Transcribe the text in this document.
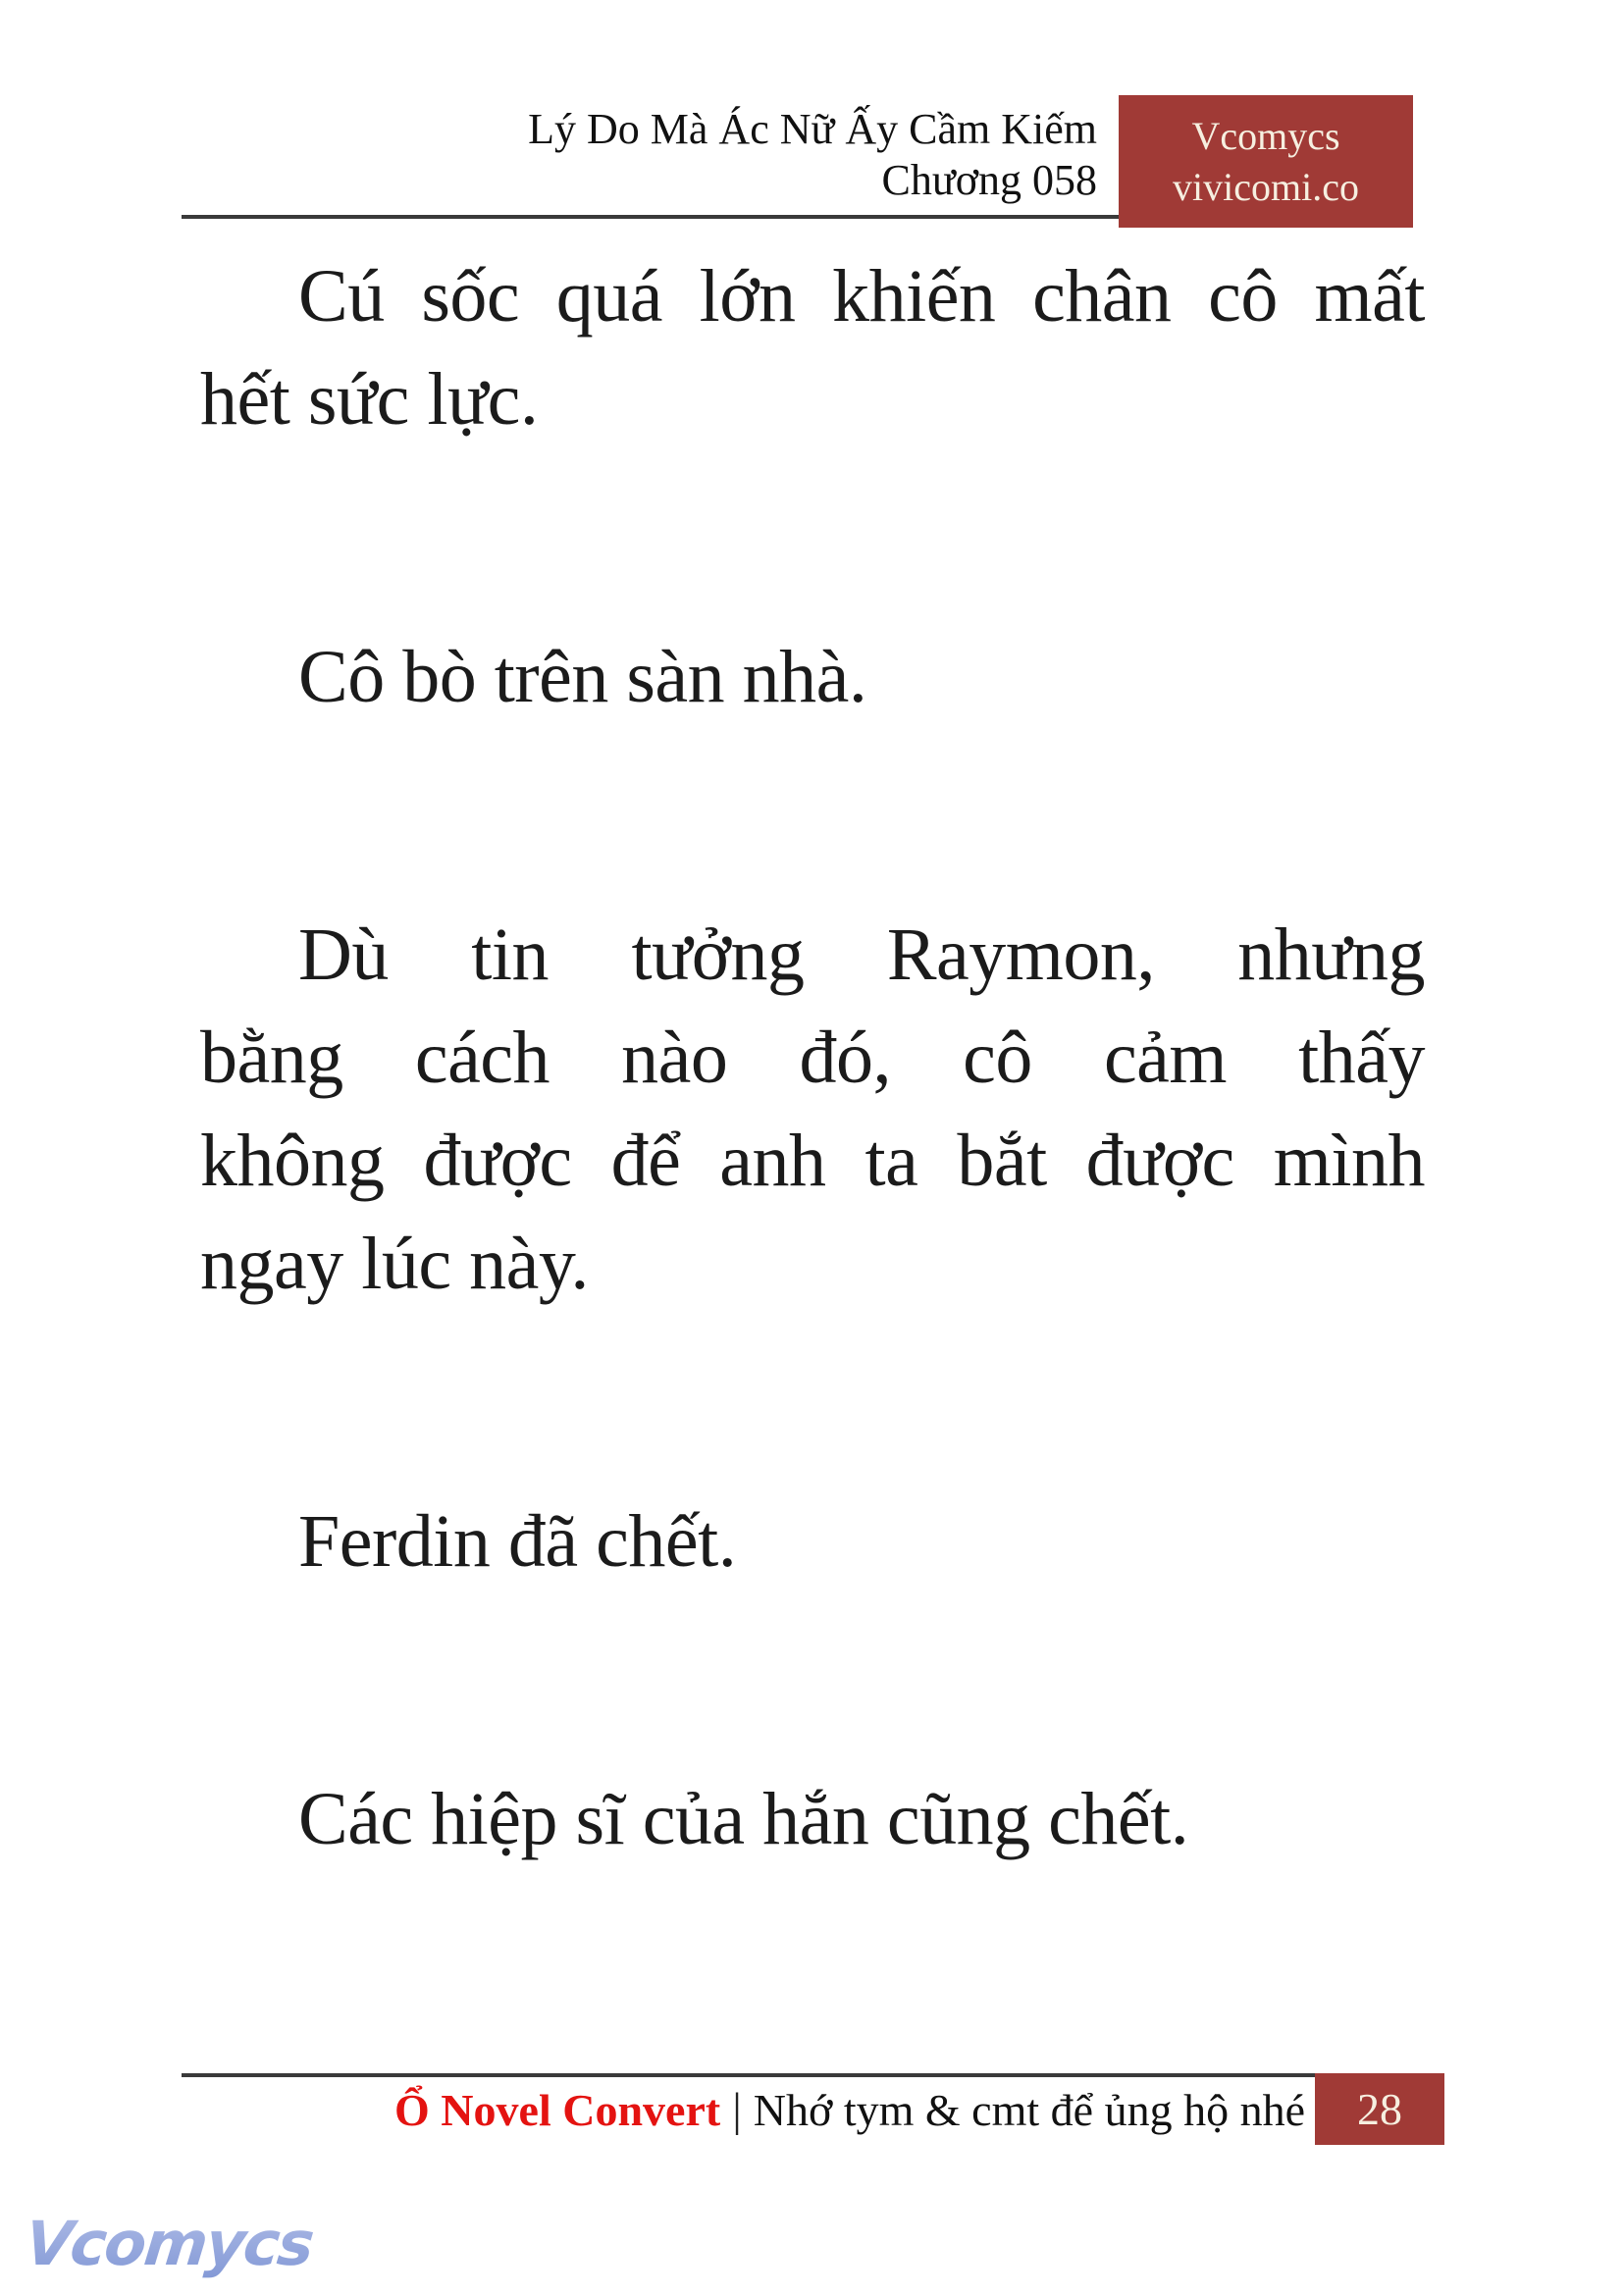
Lý Do Mà Ác Nữ Ấy Cầm Kiếm
Chương 058
Vcomycs
vivicomi.co
Cú sốc quá lớn khiến chân cô mất
hết sức lực.
Cô bò trên sàn nhà.
Dù tin tưởng Raymon, nhưng
bằng cách nào đó, cô cảm thấy
không được để anh ta bắt được mình
ngay lúc này.
Ferdin đã chết.
Các hiệp sĩ của hắn cũng chết.
Ổ Novel Convert | Nhớ tym & cmt để ủng hộ nhé 28
Vcomycs
